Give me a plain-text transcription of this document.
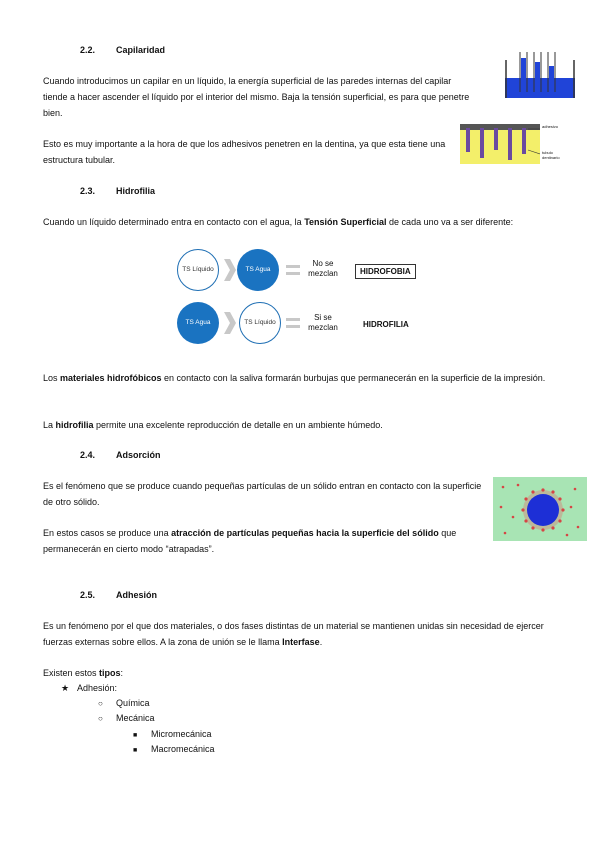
2.2. Capilaridad
Cuando introducimos un capilar en un líquido, la energía superficial de las paredes internas del capilar tiende a hacer ascender el líquido por el interior del mismo. Baja la tensión superficial, es para que penetre bien.
Esto es muy importante a la hora de que los adhesivos penetren en la dentina, ya que esta tiene una estructura tubular.
adhesivo
tubulo dentinario
2.3. Hidrofilia
Cuando un líquido determinado entra en contacto con el agua, la Tensión Superficial de cada uno va a ser diferente:
TS Líquido	TS Agua
No se mezclan	HIDROFOBIA
TS Agua	TS Líquido
Si se mezclan	HIDROFILIA
Los materiales hidrofóbicos en contacto con la saliva formarán burbujas que permanecerán en la superficie de la impresión.
La hidrofilia permite una excelente reproducción de detalle en un ambiente húmedo.
2.4. Adsorción
Es el fenómeno que se produce cuando pequeñas partículas de un sólido entran en contacto con la superficie de otro sólido.
En estos casos se produce una atracción de partículas pequeñas hacia la superficie del sólido que permanecerán en cierto modo “atrapadas”.
2.5. Adhesión
Es un fenómeno por el que dos materiales, o dos fases distintas de un material se mantienen unidas sin necesidad de ejercer fuerzas externas sobre ellos. A la zona de unión se le llama Interfase.
Existen estos tipos:
★ Adhesión:
○ Química
○ Mecánica
■ Micromecánica
■ Macromecánica
